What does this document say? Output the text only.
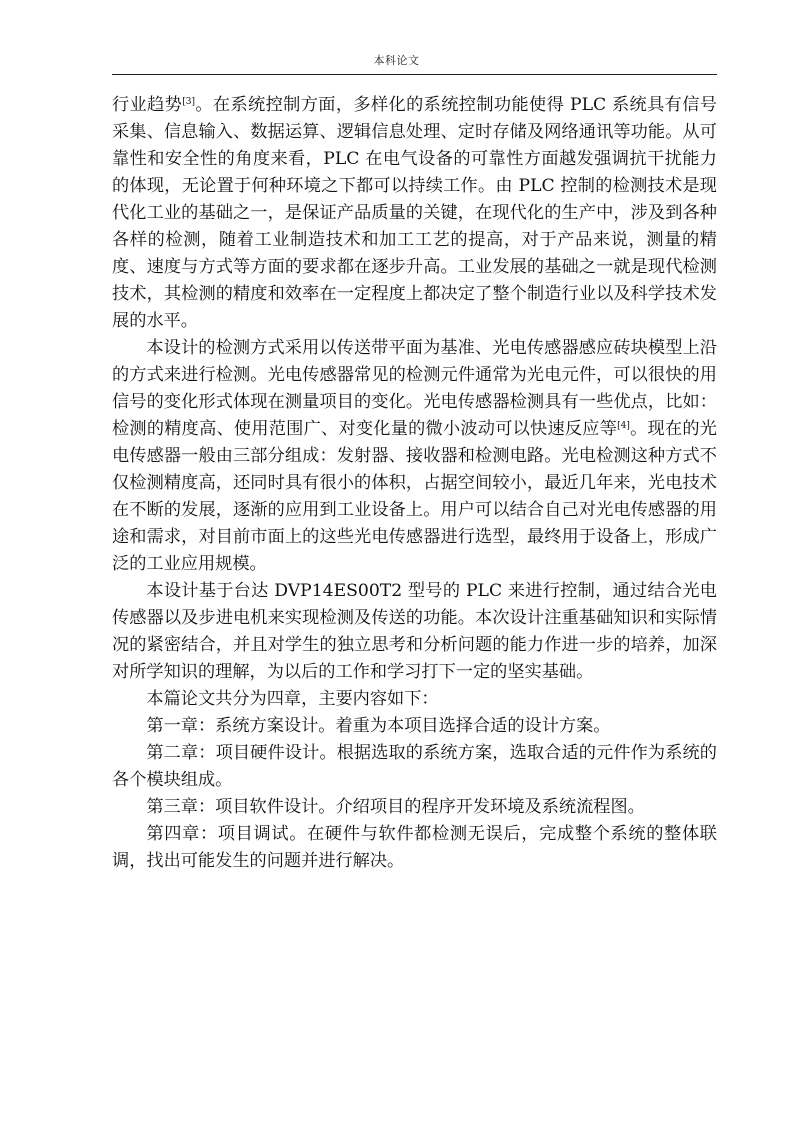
本科论文

行业趋势[3]。在系统控制方面，多样化的系统控制功能使得 PLC 系统具有信号采集、信息输入、数据运算、逻辑信息处理、定时存储及网络通讯等功能。从可靠性和安全性的角度来看，PLC 在电气设备的可靠性方面越发强调抗干扰能力的体现，无论置于何种环境之下都可以持续工作。由 PLC 控制的检测技术是现代化工业的基础之一，是保证产品质量的关键，在现代化的生产中，涉及到各种各样的检测，随着工业制造技术和加工工艺的提高，对于产品来说，测量的精度、速度与方式等方面的要求都在逐步升高。工业发展的基础之一就是现代检测技术，其检测的精度和效率在一定程度上都决定了整个制造行业以及科学技术发展的水平。

本设计的检测方式采用以传送带平面为基准、光电传感器感应砖块模型上沿的方式来进行检测。光电传感器常见的检测元件通常为光电元件，可以很快的用信号的变化形式体现在测量项目的变化。光电传感器检测具有一些优点，比如：检测的精度高、使用范围广、对变化量的微小波动可以快速反应等[4]。现在的光电传感器一般由三部分组成：发射器、接收器和检测电路。光电检测这种方式不仅检测精度高，还同时具有很小的体积，占据空间较小，最近几年来，光电技术在不断的发展，逐渐的应用到工业设备上。用户可以结合自己对光电传感器的用途和需求，对目前市面上的这些光电传感器进行选型，最终用于设备上，形成广泛的工业应用规模。

本设计基于台达 DVP14ES00T2 型号的 PLC 来进行控制，通过结合光电传感器以及步进电机来实现检测及传送的功能。本次设计注重基础知识和实际情况的紧密结合，并且对学生的独立思考和分析问题的能力作进一步的培养，加深对所学知识的理解，为以后的工作和学习打下一定的坚实基础。

本篇论文共分为四章，主要内容如下：

第一章：系统方案设计。着重为本项目选择合适的设计方案。

第二章：项目硬件设计。根据选取的系统方案，选取合适的元件作为系统的各个模块组成。

第三章：项目软件设计。介绍项目的程序开发环境及系统流程图。

第四章：项目调试。在硬件与软件都检测无误后，完成整个系统的整体联调，找出可能发生的问题并进行解决。
